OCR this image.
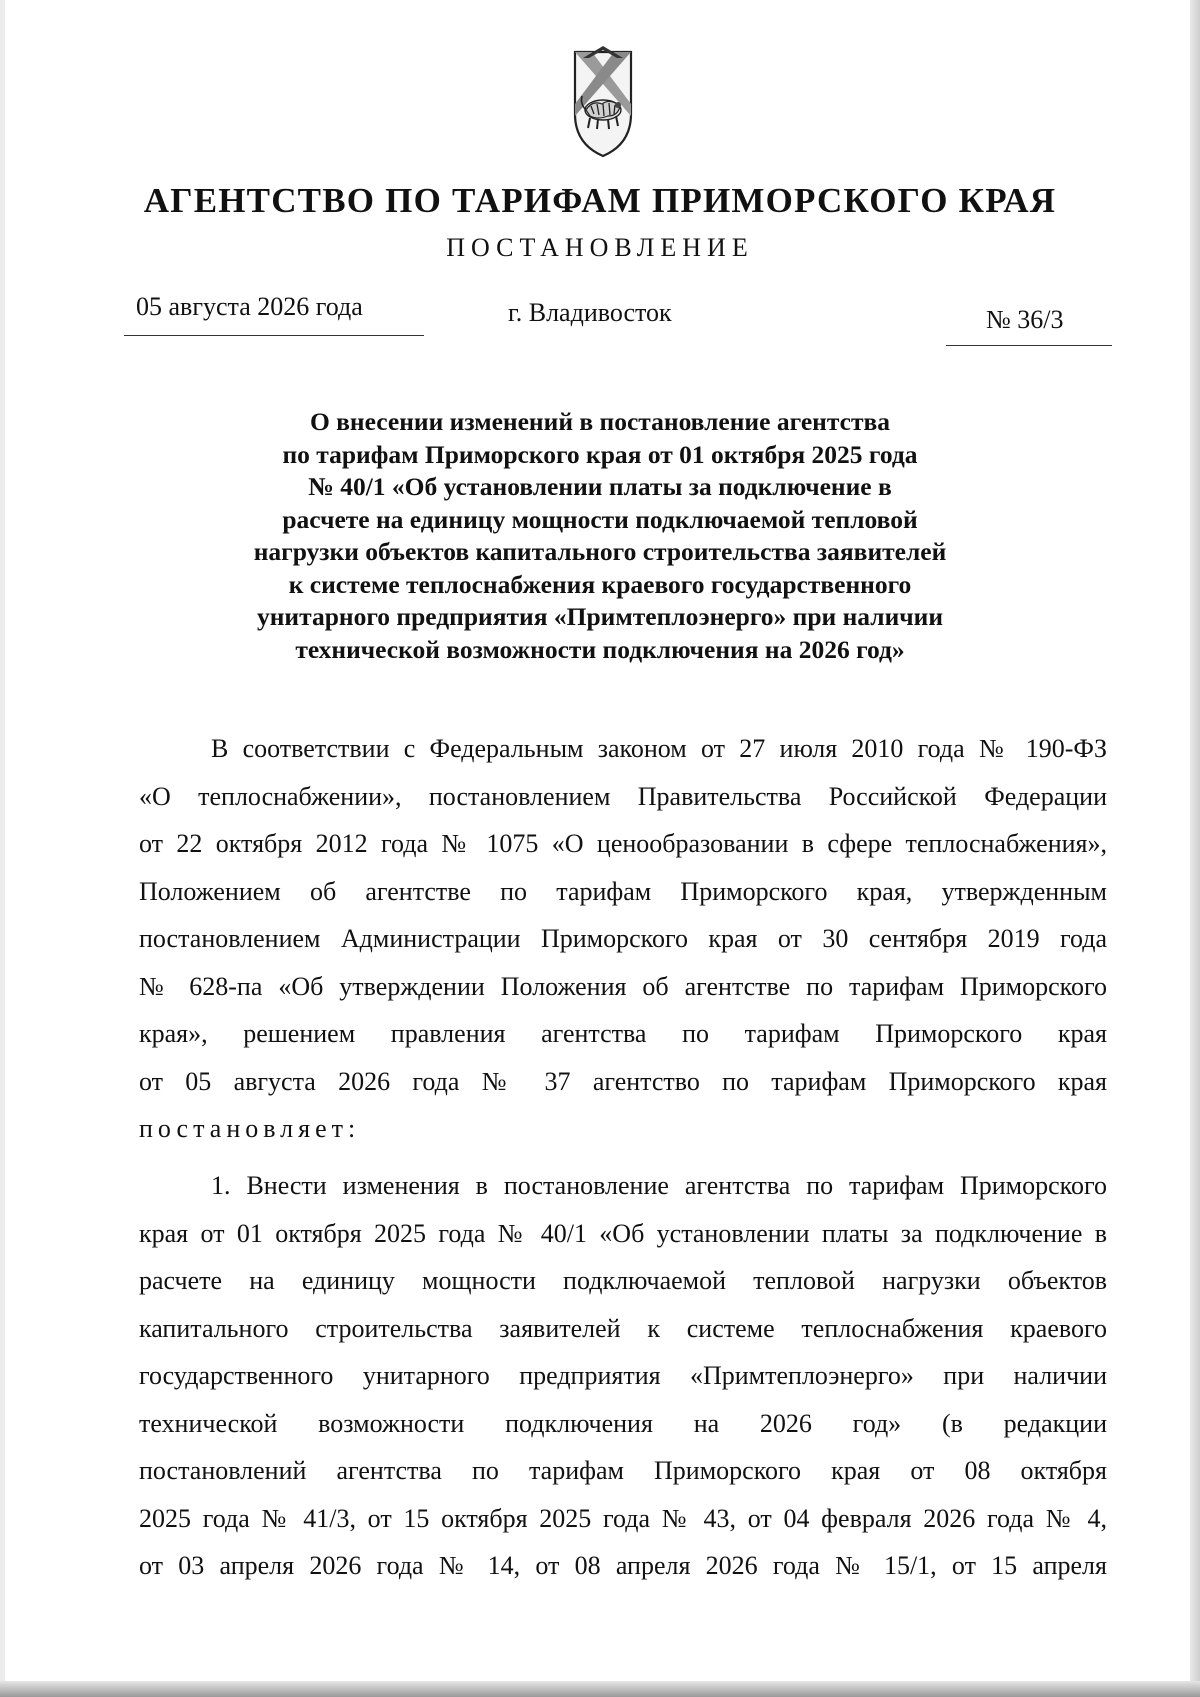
АГЕНТСТВО ПО ТАРИФАМ ПРИМОРСКОГО КРАЯ
ПОСТАНОВЛЕНИЕ
05 августа 2026 года	г. Владивосток	№ 36/3
О внесении изменений в постановление агентства
по тарифам Приморского края от 01 октября 2025 года
№ 40/1 «Об установлении платы за подключение в
расчете на единицу мощности подключаемой тепловой
нагрузки объектов капитального строительства заявителей
к системе теплоснабжения краевого государственного
унитарного предприятия «Примтеплоэнерго» при наличии
технической возможности подключения на 2026 год»
В соответствии с Федеральным законом от 27 июля 2010 года № 190-ФЗ
«О теплоснабжении», постановлением Правительства Российской Федерации
от 22 октября 2012 года № 1075 «О ценообразовании в сфере теплоснабжения»,
Положением об агентстве по тарифам Приморского края, утвержденным
постановлением Администрации Приморского края от 30 сентября 2019 года
№ 628-па «Об утверждении Положения об агентстве по тарифам Приморского
края», решением правления агентства по тарифам Приморского края
от 05 августа 2026 года № 37 агентство по тарифам Приморского края
постановляет:
1. Внести изменения в постановление агентства по тарифам Приморского
края от 01 октября 2025 года № 40/1 «Об установлении платы за подключение в
расчете на единицу мощности подключаемой тепловой нагрузки объектов
капитального строительства заявителей к системе теплоснабжения краевого
государственного унитарного предприятия «Примтеплоэнерго» при наличии
технической возможности подключения на 2026 год» (в редакции
постановлений агентства по тарифам Приморского края от 08 октября
2025 года № 41/3, от 15 октября 2025 года № 43, от 04 февраля 2026 года № 4,
от 03 апреля 2026 года № 14, от 08 апреля 2026 года № 15/1, от 15 апреля
